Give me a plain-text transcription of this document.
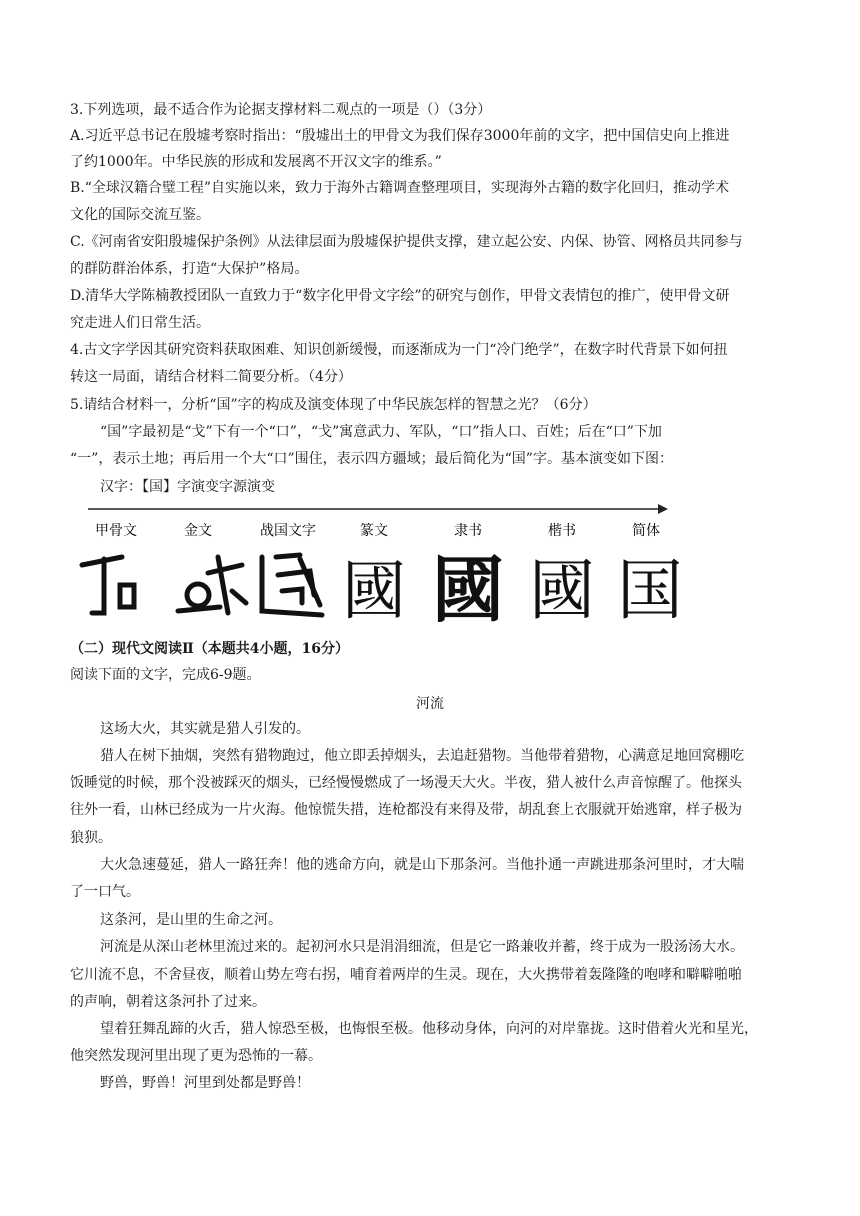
3.下列选项，最不适合作为论据支撑材料二观点的一项是（）（3分）
A.习近平总书记在殷墟考察时指出：“殷墟出土的甲骨文为我们保存3000年前的文字，把中国信史向上推进
了约1000年。中华民族的形成和发展离不开汉文字的维系。”
B.“全球汉籍合璧工程”自实施以来，致力于海外古籍调查整理项目，实现海外古籍的数字化回归，推动学术
文化的国际交流互鉴。
C.《河南省安阳殷墟保护条例》从法律层面为殷墟保护提供支撑，建立起公安、内保、协管、网格员共同参与
的群防群治体系，打造“大保护”格局。
D.清华大学陈楠教授团队一直致力于“数字化甲骨文字绘”的研究与创作，甲骨文表情包的推广，使甲骨文研
究走进人们日常生活。
4.古文字学因其研究资料获取困难、知识创新缓慢，而逐渐成为一门“冷门绝学”，在数字时代背景下如何扭
转这一局面，请结合材料二简要分析。（4分）
5.请结合材料一，分析“国”字的构成及演变体现了中华民族怎样的智慧之光？（6分）
“国”字最初是“戈”下有一个“口”，“戈”寓意武力、军队，“口”指人口、百姓；后在“口”下加
“一”，表示土地；再后用一个大“口”围住，表示四方疆域；最后简化为“国”字。基本演变如下图：
汉字：【国】字演变字源演变
甲骨文	金文	战国文字	篆文	隶书	楷书	简体
國 國 國 国
（二）现代文阅读Ⅱ（本题共4小题，16分）
阅读下面的文字，完成6-9题。
河流
这场大火，其实就是猎人引发的。
猎人在树下抽烟，突然有猎物跑过，他立即丢掉烟头，去追赶猎物。当他带着猎物，心满意足地回窝棚吃
饭睡觉的时候，那个没被踩灭的烟头，已经慢慢燃成了一场漫天大火。半夜，猎人被什么声音惊醒了。他探头
往外一看，山林已经成为一片火海。他惊慌失措，连枪都没有来得及带，胡乱套上衣服就开始逃窜，样子极为
狼狈。
大火急速蔓延，猎人一路狂奔！他的逃命方向，就是山下那条河。当他扑通一声跳进那条河里时，才大喘
了一口气。
这条河，是山里的生命之河。
河流是从深山老林里流过来的。起初河水只是涓涓细流，但是它一路兼收并蓄，终于成为一股汤汤大水。
它川流不息，不舍昼夜，顺着山势左弯右拐，哺育着两岸的生灵。现在，大火携带着轰隆隆的咆哮和噼噼啪啪
的声响，朝着这条河扑了过来。
望着狂舞乱蹄的火舌，猎人惊恐至极，也悔恨至极。他移动身体，向河的对岸靠拢。这时借着火光和星光，
他突然发现河里出现了更为恐怖的一幕。
野兽，野兽！河里到处都是野兽！
